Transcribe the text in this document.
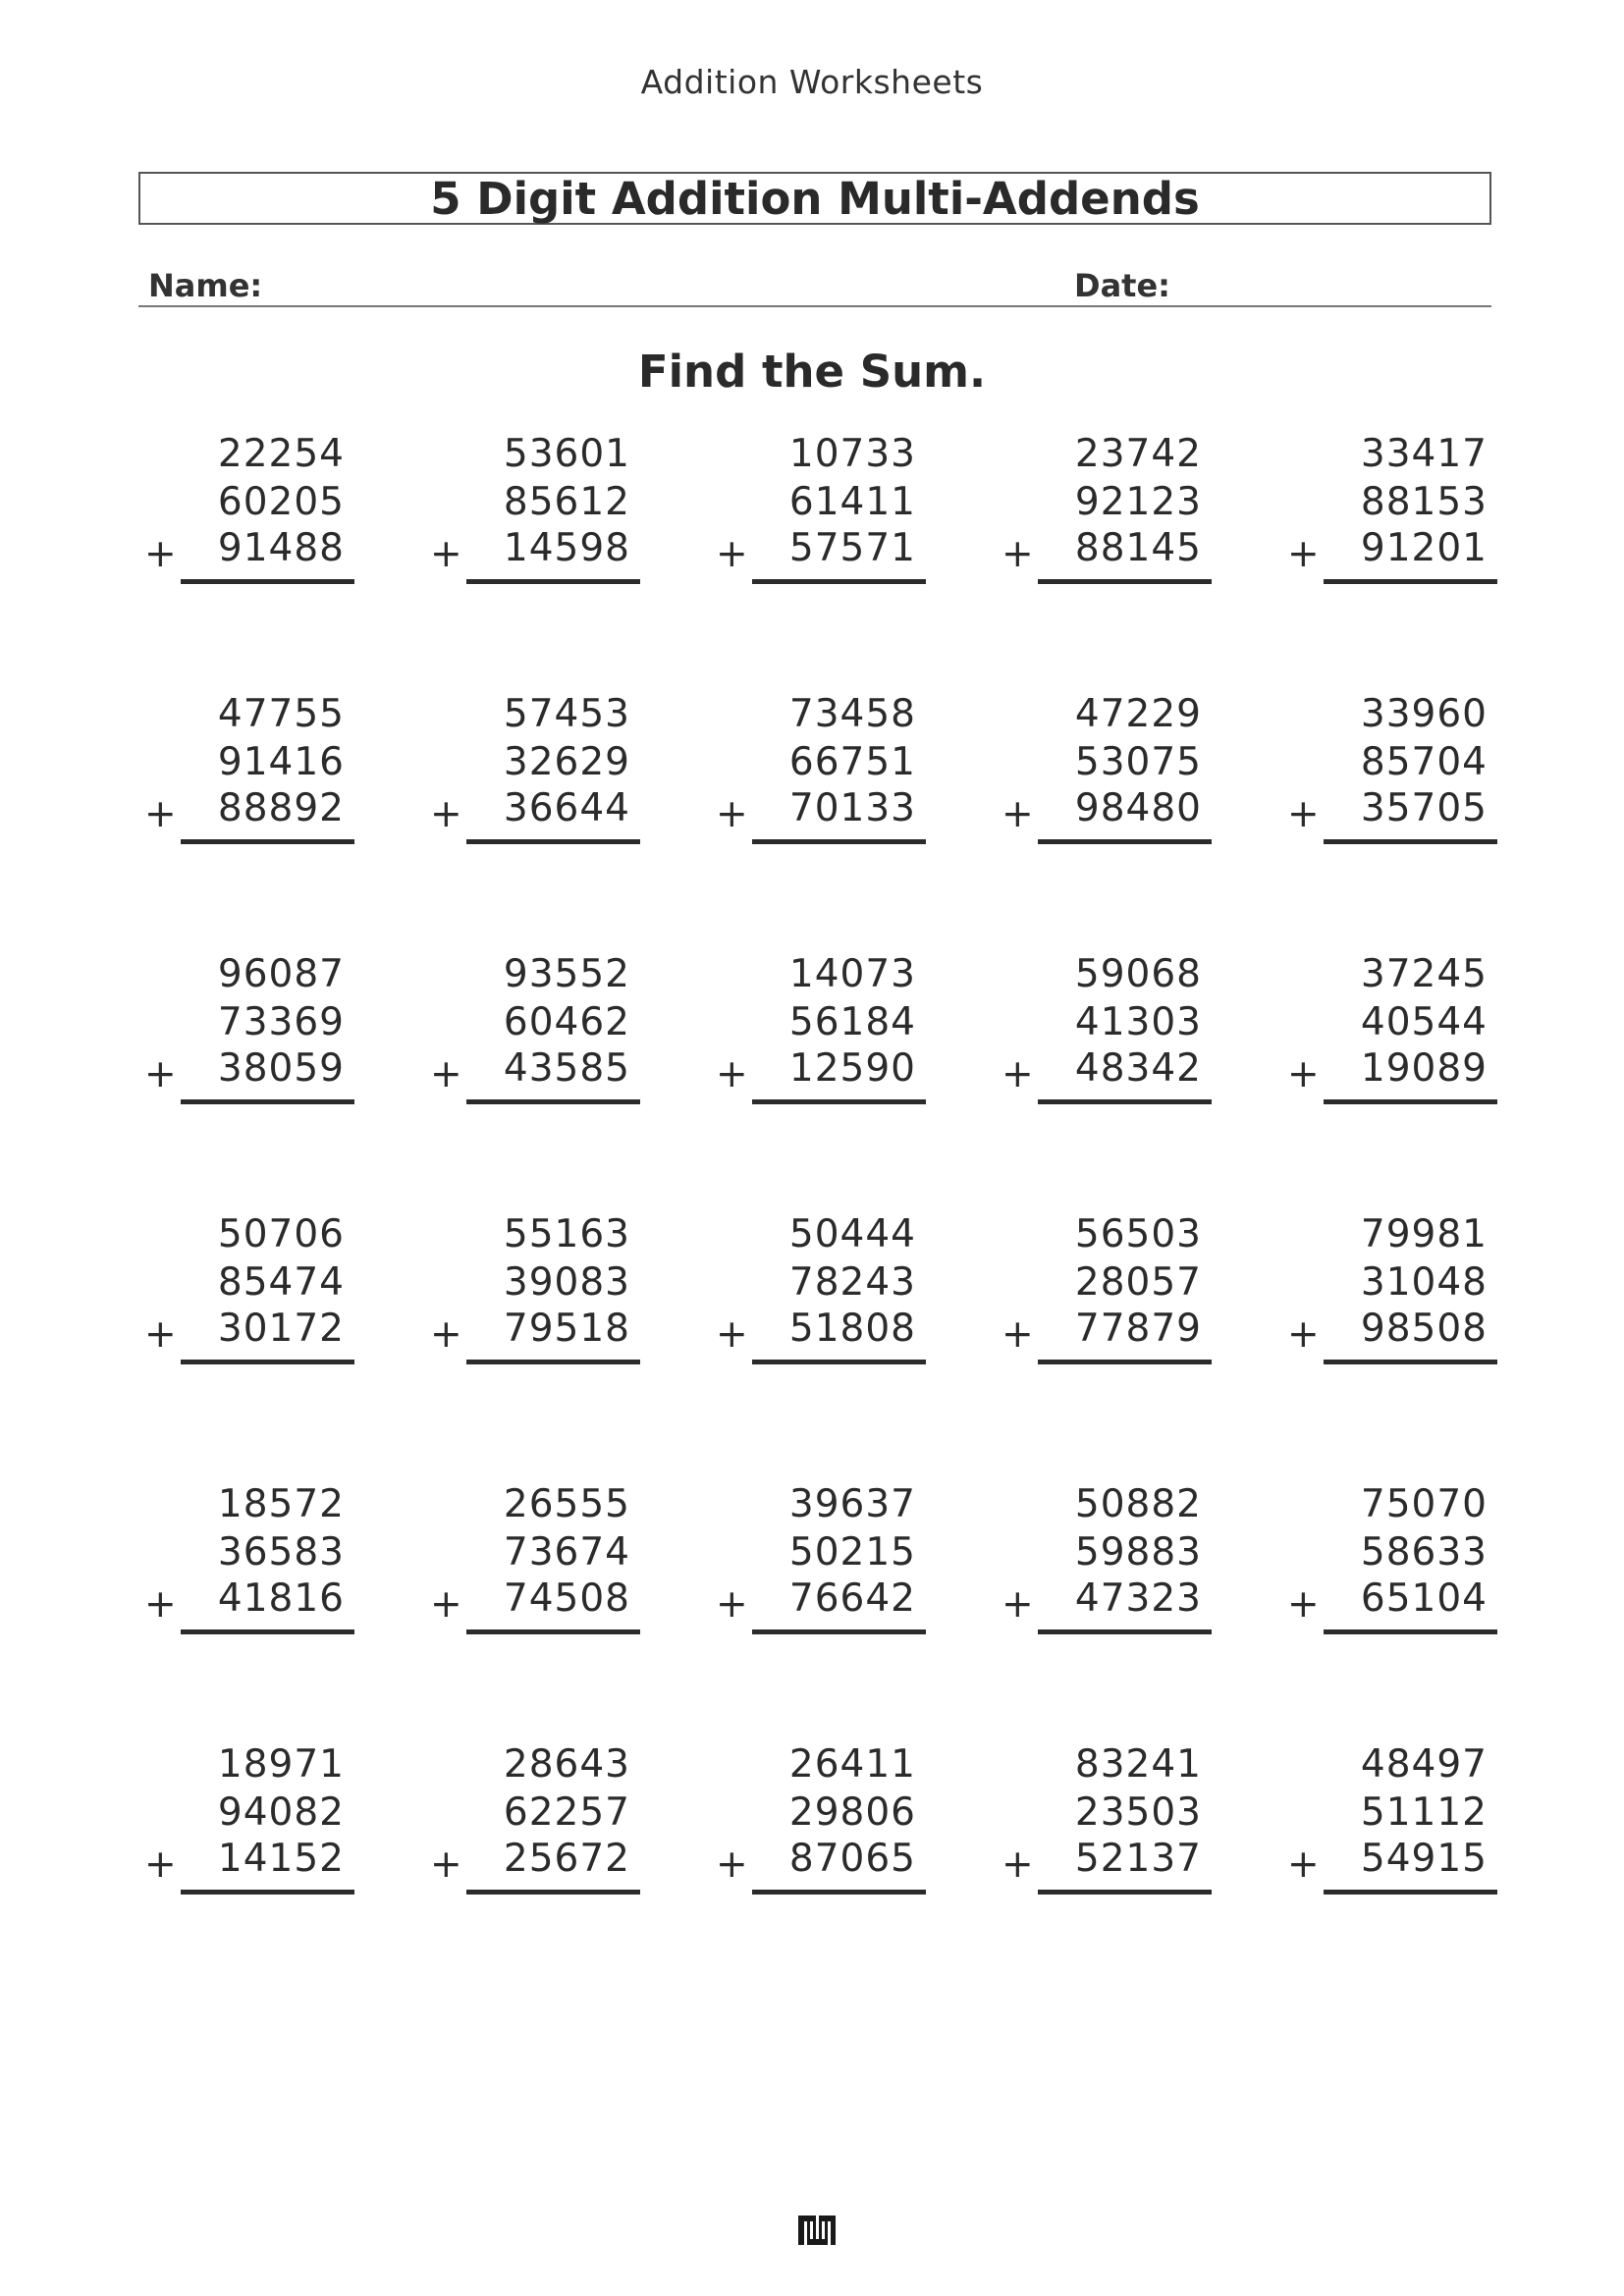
Addition Worksheets
5 Digit Addition Multi-Addends
Name:	Date:
Find the Sum.
22254
60205
91488
+
53601
85612
14598
+
10733
61411
57571
+
23742
92123
88145
+
33417
88153
91201
+
47755
91416
88892
+
57453
32629
36644
+
73458
66751
70133
+
47229
53075
98480
+
33960
85704
35705
+
96087
73369
38059
+
93552
60462
43585
+
14073
56184
12590
+
59068
41303
48342
+
37245
40544
19089
+
50706
85474
30172
+
55163
39083
79518
+
50444
78243
51808
+
56503
28057
77879
+
79981
31048
98508
+
18572
36583
41816
+
26555
73674
74508
+
39637
50215
76642
+
50882
59883
47323
+
75070
58633
65104
+
18971
94082
14152
+
28643
62257
25672
+
26411
29806
87065
+
83241
23503
52137
+
48497
51112
54915
+
